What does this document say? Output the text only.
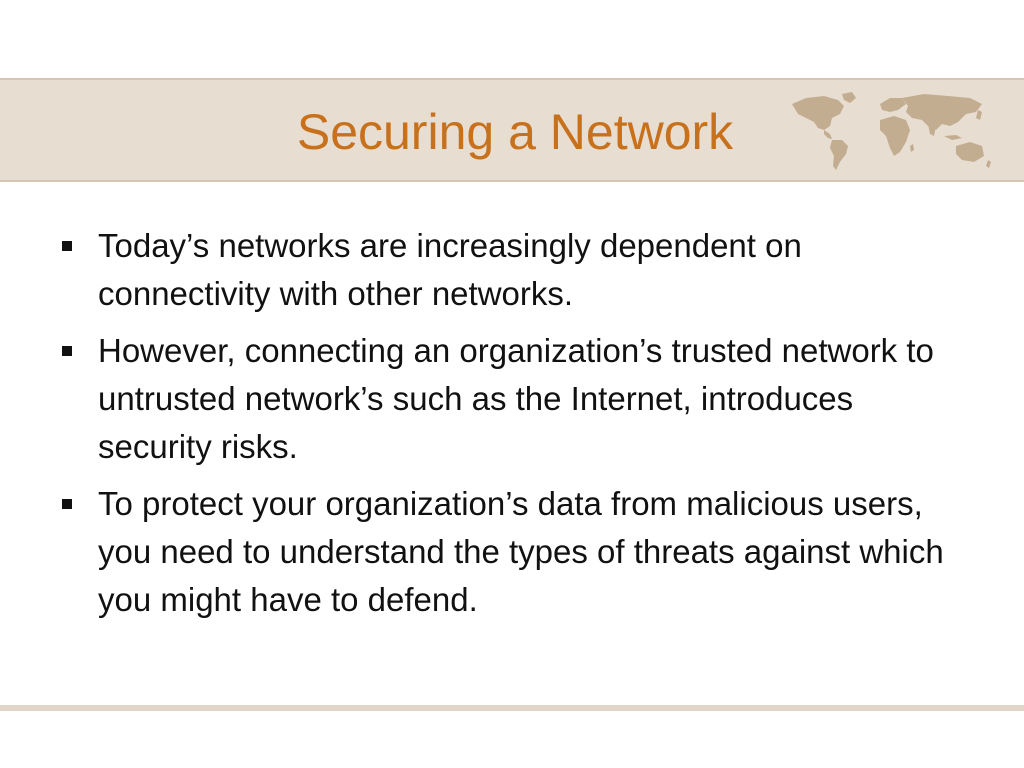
Securing a Network
Today’s networks are increasingly dependent on connectivity with other networks.
However, connecting an organization’s trusted network to untrusted network’s such as the Internet, introduces security risks.
To protect your organization’s data from malicious users, you need to understand the types of threats against which you might have to defend.
